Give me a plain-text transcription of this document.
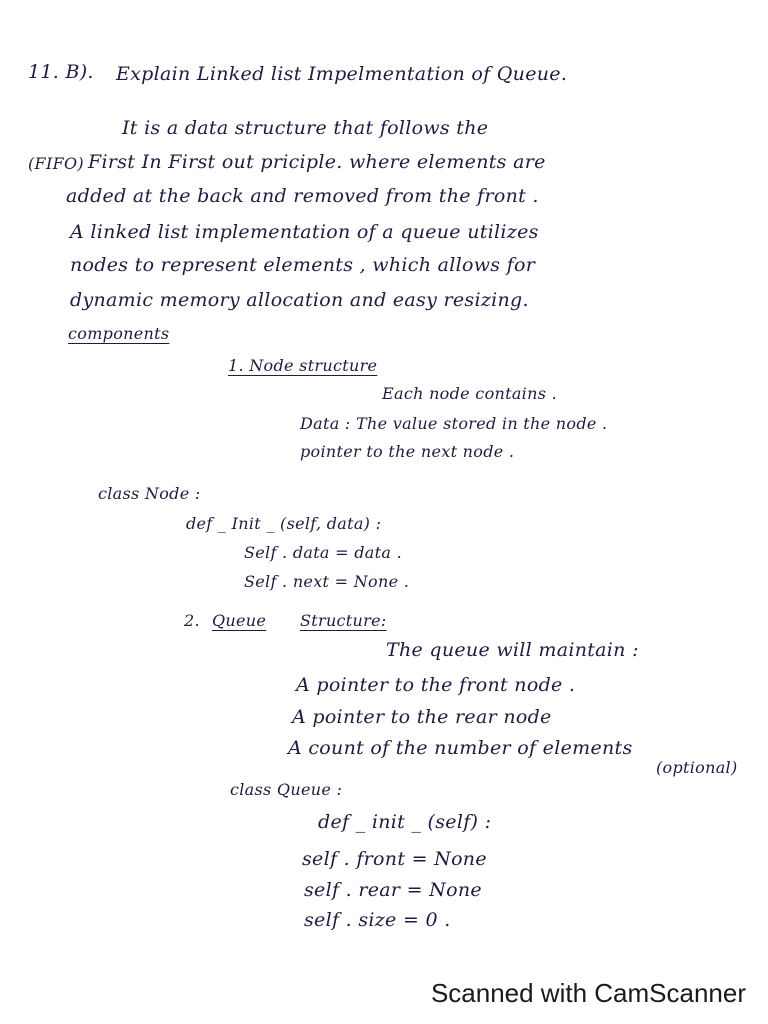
11. B). Explain Linked list Impelmentation of Queue.
It is a data structure that follows the
(FIFO) First In First out priciple. where elements are
added at the back and removed from the front .
A linked list implementation of a queue utilizes
nodes to represent elements , which allows for
dynamic memory allocation and easy resizing.
components
1. Node structure
Each node contains .
Data : The value stored in the node .
pointer to the next node .
class Node :
def _ Init _ (self, data) :
Self . data = data .
Self . next = None .
2. Queue Structure:
The queue will maintain :
A pointer to the front node .
A pointer to the rear node
A count of the number of elements
(optional)
class Queue :
def _ init _ (self) :
self . front = None
self . rear = None
self . size = 0 .
Scanned with CamScanner
